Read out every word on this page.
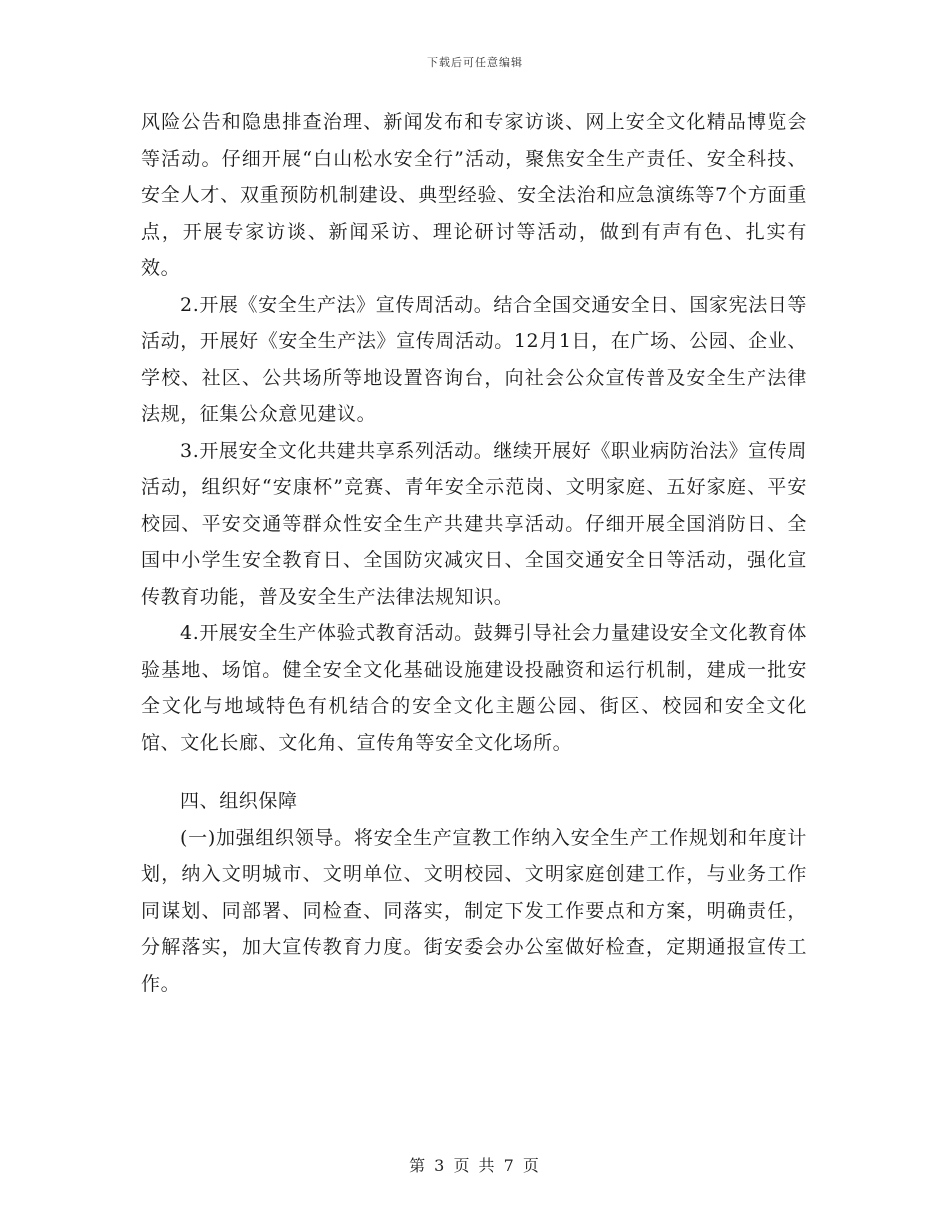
下载后可任意编辑

风险公告和隐患排查治理、新闻发布和专家访谈、网上安全文化精品博览会等活动。仔细开展“白山松水安全行”活动，聚焦安全生产责任、安全科技、安全人才、双重预防机制建设、典型经验、安全法治和应急演练等7个方面重点，开展专家访谈、新闻采访、理论研讨等活动，做到有声有色、扎实有效。

2.开展《安全生产法》宣传周活动。结合全国交通安全日、国家宪法日等活动，开展好《安全生产法》宣传周活动。12月1日，在广场、公园、企业、学校、社区、公共场所等地设置咨询台，向社会公众宣传普及安全生产法律法规，征集公众意见建议。

3.开展安全文化共建共享系列活动。继续开展好《职业病防治法》宣传周活动，组织好“安康杯”竞赛、青年安全示范岗、文明家庭、五好家庭、平安校园、平安交通等群众性安全生产共建共享活动。仔细开展全国消防日、全国中小学生安全教育日、全国防灾减灾日、全国交通安全日等活动，强化宣传教育功能，普及安全生产法律法规知识。

4.开展安全生产体验式教育活动。鼓舞引导社会力量建设安全文化教育体验基地、场馆。健全安全文化基础设施建设投融资和运行机制，建成一批安全文化与地域特色有机结合的安全文化主题公园、街区、校园和安全文化馆、文化长廊、文化角、宣传角等安全文化场所。

四、组织保障

(一)加强组织领导。将安全生产宣教工作纳入安全生产工作规划和年度计划，纳入文明城市、文明单位、文明校园、文明家庭创建工作，与业务工作同谋划、同部署、同检查、同落实，制定下发工作要点和方案，明确责任，分解落实，加大宣传教育力度。街安委会办公室做好检查，定期通报宣传工作。

第 3 页 共 7 页
